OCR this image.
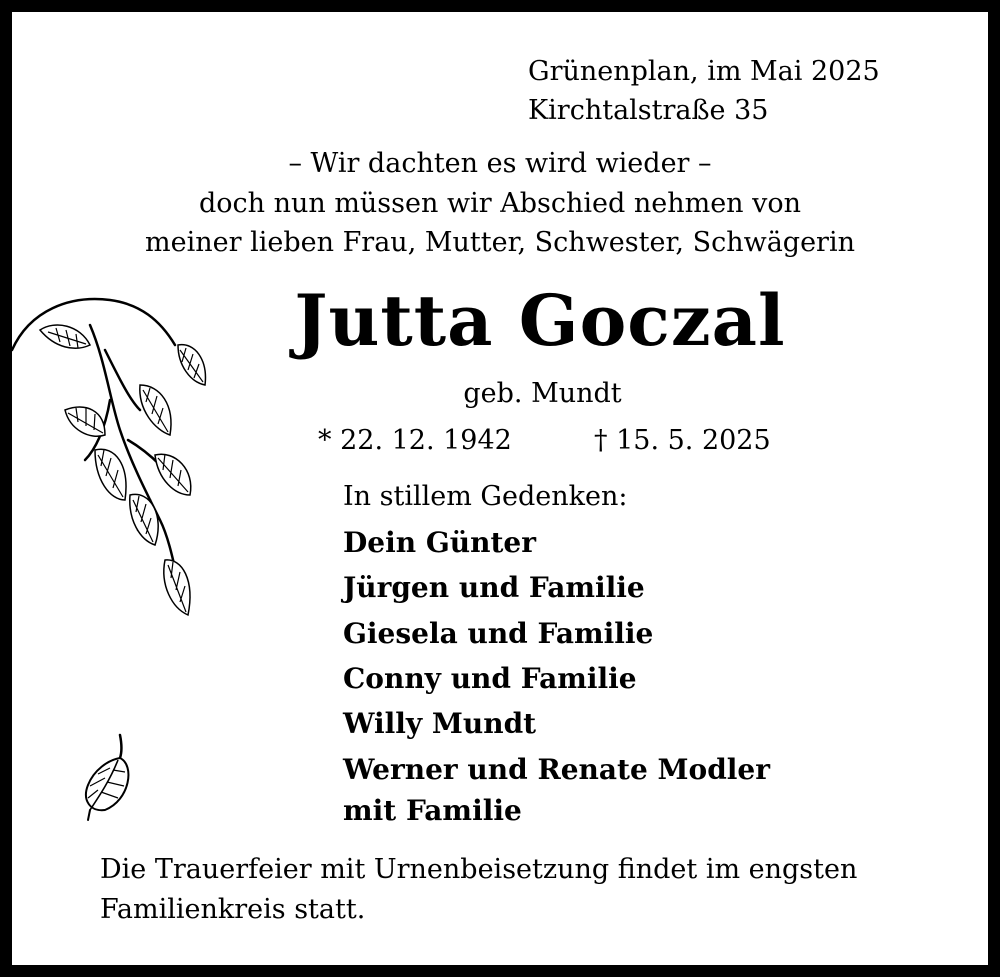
Grünenplan, im Mai 2025
Kirchtalstraße 35
– Wir dachten es wird wieder –
doch nun müssen wir Abschied nehmen von
meiner lieben Frau, Mutter, Schwester, Schwägerin
Jutta Goczal
geb. Mundt
* 22. 12. 1942	† 15. 5. 2025
In stillem Gedenken:
Dein Günter
Jürgen und Familie
Giesela und Familie
Conny und Familie
Willy Mundt
Werner und Renate Modler
mit Familie
Die Trauerfeier mit Urnenbeisetzung findet im engsten
Familienkreis statt.
